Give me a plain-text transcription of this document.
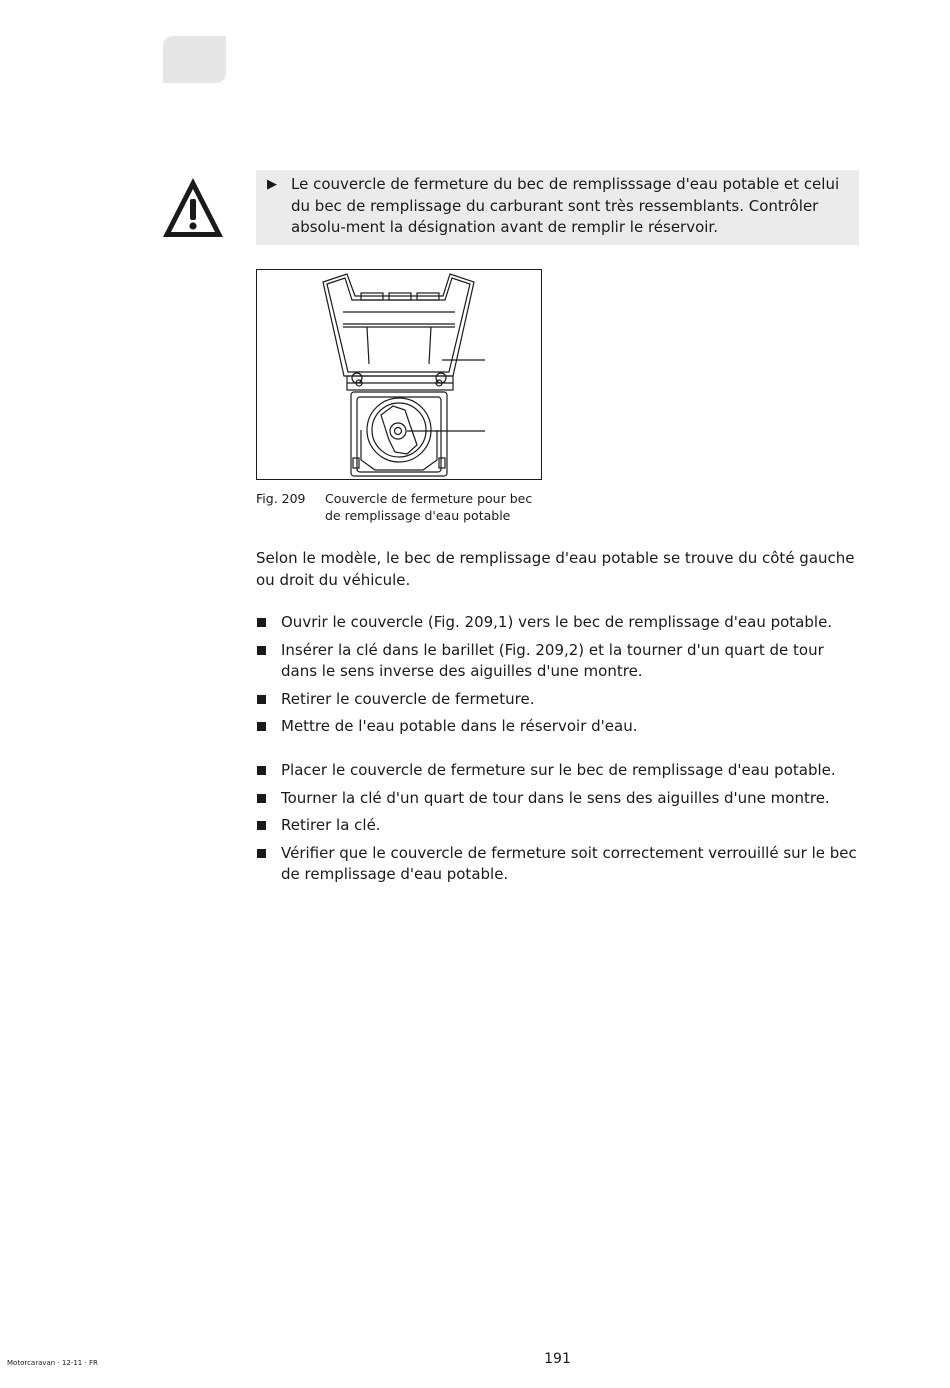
▶ Le couvercle de fermeture du bec de remplisssage d'eau potable et celui du bec de remplissage du carburant sont très ressemblants. Contrôler absolu-ment la désignation avant de remplir le réservoir.
Fig. 209 Couvercle de fermeture pour bec de remplissage d'eau potable
Selon le modèle, le bec de remplissage d'eau potable se trouve du côté gauche ou droit du véhicule.
Ouvrir le couvercle (Fig. 209,1) vers le bec de remplissage d'eau potable.
Insérer la clé dans le barillet (Fig. 209,2) et la tourner d'un quart de tour dans le sens inverse des aiguilles d'une montre.
Retirer le couvercle de fermeture.
Mettre de l'eau potable dans le réservoir d'eau.
Placer le couvercle de fermeture sur le bec de remplissage d'eau potable.
Tourner la clé d'un quart de tour dans le sens des aiguilles d'une montre.
Retirer la clé.
Vérifier que le couvercle de fermeture soit correctement verrouillé sur le bec de remplissage d'eau potable.
Motorcaravan · 12-11 · FR	191
